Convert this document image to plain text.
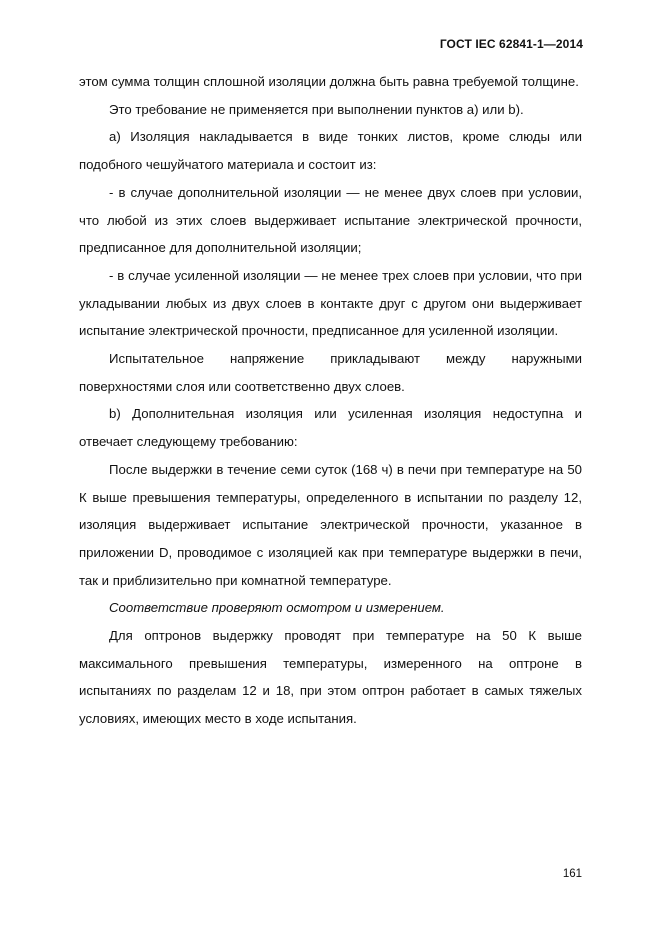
ГОСТ IEC 62841-1—2014

этом сумма толщин сплошной изоляции должна быть равна требуемой толщине.

Это требование не применяется при выполнении пунктов а) или b).

а) Изоляция накладывается в виде тонких листов, кроме слюды или подобного чешуйчатого материала и состоит из:

- в случае дополнительной изоляции — не менее двух слоев при условии, что любой из этих слоев выдерживает испытание электрической прочности, предписанное для дополнительной изоляции;

- в случае усиленной изоляции — не менее трех слоев при условии, что при укладывании любых из двух слоев в контакте друг с другом они выдерживает испытание электрической прочности, предписанное для усиленной изоляции.

Испытательное напряжение прикладывают между наружными поверхностями слоя или соответственно двух слоев.

b) Дополнительная изоляция или усиленная изоляция недоступна и отвечает следующему требованию:

После выдержки в течение семи суток (168 ч) в печи при температуре на 50 К выше превышения температуры, определенного в испытании по разделу 12, изоляция выдерживает испытание электрической прочности, указанное в приложении D, проводимое с изоляцией как при температуре выдержки в печи, так и приблизительно при комнатной температуре.

Соответствие проверяют осмотром и измерением.

Для оптронов выдержку проводят при температуре на 50 К выше максимального превышения температуры, измеренного на оптроне в испытаниях по разделам 12 и 18, при этом оптрон работает в самых тяжелых условиях, имеющих место в ходе испытания.

161
